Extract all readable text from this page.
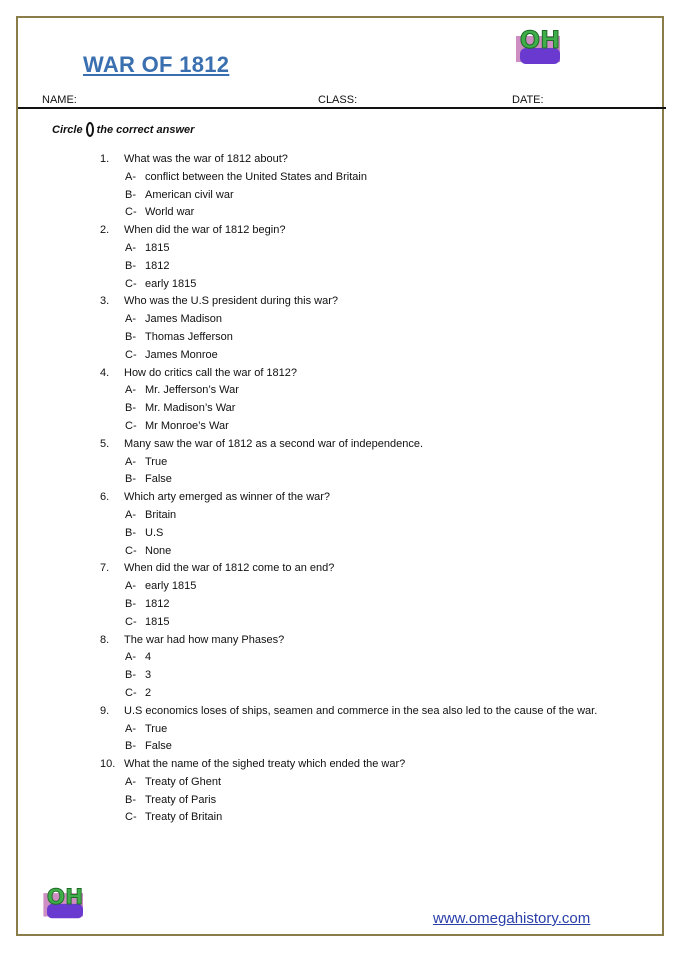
OH
WAR OF 1812
NAME:	CLASS:	DATE:
Circle the correct answer
1.	What was the war of 1812 about?
A- conflict between the United States and Britain
B- American civil war
C- World war
2.	When did the war of 1812 begin?
A- 1815
B- 1812
C- early 1815
3.	Who was the U.S president during this war?
A- James Madison
B- Thomas Jefferson
C- James Monroe
4.	How do critics call the war of 1812?
A- Mr. Jefferson’s War
B- Mr. Madison’s War
C- Mr Monroe’s War
5.	Many saw the war of 1812 as a second war of independence.
A- True
B- False
6.	Which arty emerged as winner of the war?
A- Britain
B- U.S
C- None
7.	When did the war of 1812 come to an end?
A- early 1815
B- 1812
C- 1815
8.	The war had how many Phases?
A- 4
B- 3
C- 2
9.	U.S economics loses of ships, seamen and commerce in the sea also led to the cause of the war.
A- True
B- False
10. What the name of the sighed treaty which ended the war?
A- Treaty of Ghent
B- Treaty of Paris
C- Treaty of Britain
OH
www.omegahistory.com
